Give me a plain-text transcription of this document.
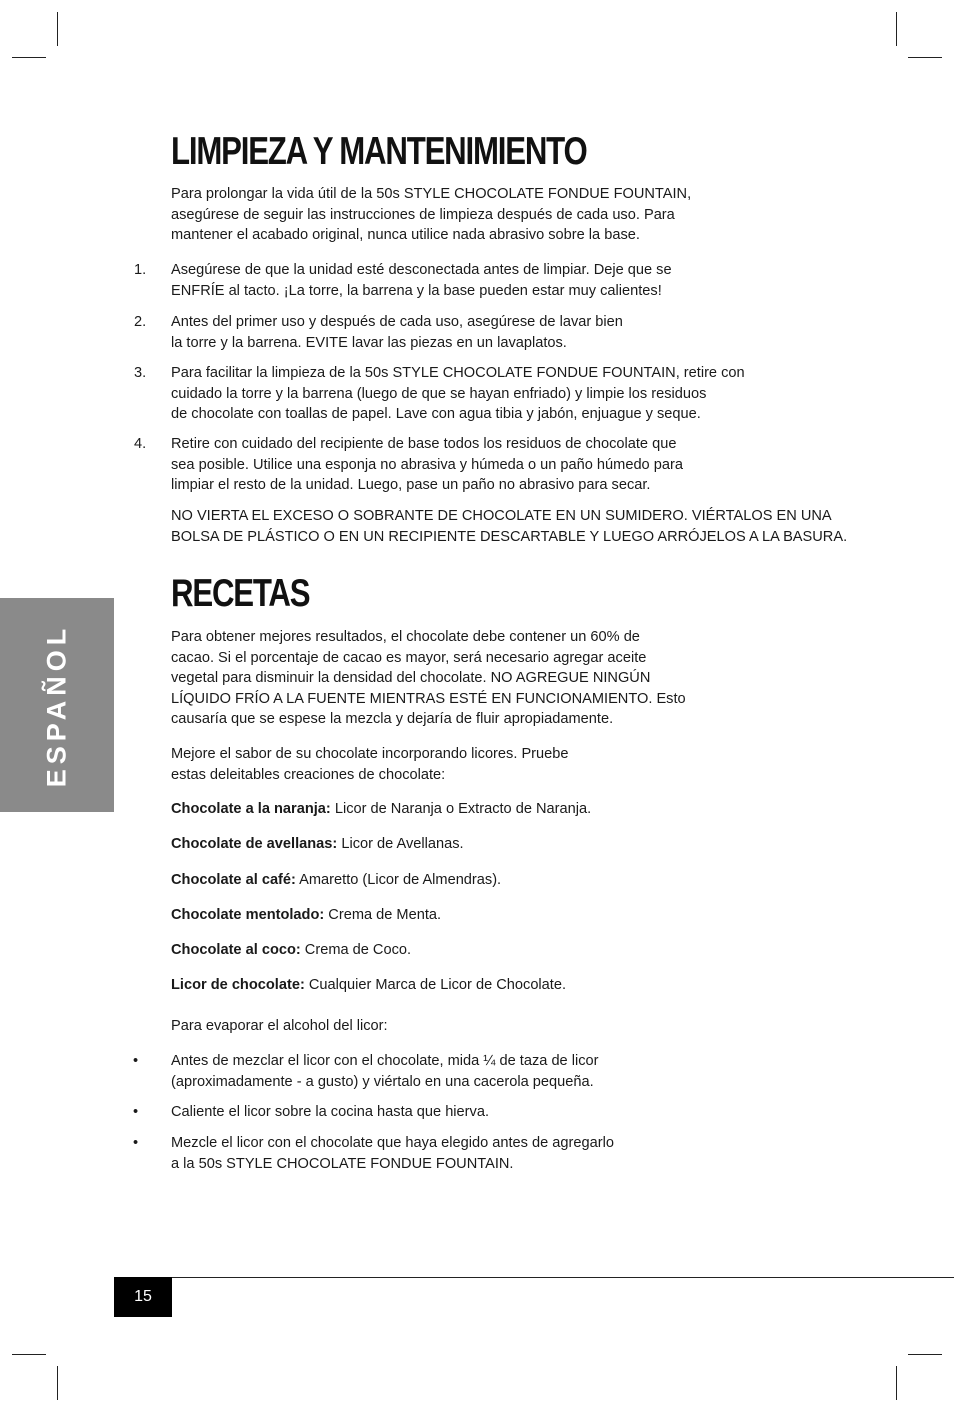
ESPAÑOL
LIMPIEZA Y MANTENIMIENTO

Para prolongar la vida útil de la 50s STYLE CHOCOLATE FONDUE FOUNTAIN,
asegúrese de seguir las instrucciones de limpieza después de cada uso. Para
mantener el acabado original, nunca utilice nada abrasivo sobre la base.

1. Asegúrese de que la unidad esté desconectada antes de limpiar. Deje que se
ENFRÍE al tacto. ¡La torre, la barrena y la base pueden estar muy calientes!

2. Antes del primer uso y después de cada uso, asegúrese de lavar bien
la torre y la barrena. EVITE lavar las piezas en un lavaplatos.

3. Para facilitar la limpieza de la 50s STYLE CHOCOLATE FONDUE FOUNTAIN, retire con
cuidado la torre y la barrena (luego de que se hayan enfriado) y limpie los residuos
de chocolate con toallas de papel. Lave con agua tibia y jabón, enjuague y seque.

4. Retire con cuidado del recipiente de base todos los residuos de chocolate que
sea posible. Utilice una esponja no abrasiva y húmeda o un paño húmedo para
limpiar el resto de la unidad. Luego, pase un paño no abrasivo para secar.

NO VIERTA EL EXCESO O SOBRANTE DE CHOCOLATE EN UN SUMIDERO. VIÉRTALOS EN UNA
BOLSA DE PLÁSTICO O EN UN RECIPIENTE DESCARTABLE Y LUEGO ARRÓJELOS A LA BASURA.

RECETAS

Para obtener mejores resultados, el chocolate debe contener un 60% de
cacao. Si el porcentaje de cacao es mayor, será necesario agregar aceite
vegetal para disminuir la densidad del chocolate. NO AGREGUE NINGÚN
LÍQUIDO FRÍO A LA FUENTE MIENTRAS ESTÉ EN FUNCIONAMIENTO. Esto
causaría que se espese la mezcla y dejaría de fluir apropiadamente.

Mejore el sabor de su chocolate incorporando licores. Pruebe
estas deleitables creaciones de chocolate:

Chocolate a la naranja: Licor de Naranja o Extracto de Naranja.

Chocolate de avellanas: Licor de Avellanas.

Chocolate al café: Amaretto (Licor de Almendras).

Chocolate mentolado: Crema de Menta.

Chocolate al coco: Crema de Coco.

Licor de chocolate: Cualquier Marca de Licor de Chocolate.

Para evaporar el alcohol del licor:

• Antes de mezclar el licor con el chocolate, mida ¼ de taza de licor
(aproximadamente - a gusto) y viértalo en una cacerola pequeña.

• Caliente el licor sobre la cocina hasta que hierva.

• Mezcle el licor con el chocolate que haya elegido antes de agregarlo
a la 50s STYLE CHOCOLATE FONDUE FOUNTAIN.

15
